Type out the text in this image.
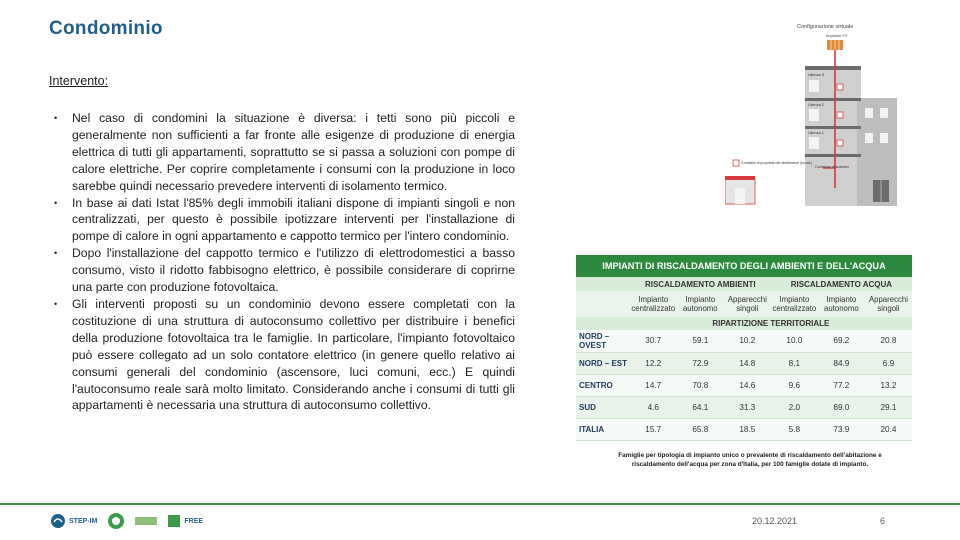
Condominio
Intervento:
• Nel caso di condomini la situazione è diversa: i tetti sono più piccoli e generalmente non sufficienti a far fronte alle esigenze di produzione di energia elettrica di tutti gli appartamenti, soprattutto se si passa a soluzioni con pompe di calore elettriche. Per coprire completamente i consumi con la produzione in loco sarebbe quindi necessario prevedere interventi di isolamento termico.
• In base ai dati Istat l'85% degli immobili italiani dispone di impianti singoli e non centralizzati, per questo è possibile ipotizzare interventi per l'installazione di pompe di calore in ogni appartamento e cappotto termico per l'intero condominio.
• Dopo l'installazione del cappotto termico e l'utilizzo di elettrodomestici a basso consumo, visto il ridotto fabbisogno elettrico, è possibile considerare di coprirne una parte con produzione fotovoltaica.
• Gli interventi proposti su un condominio devono essere completati con la costituzione di una struttura di autoconsumo collettivo per distribuire i benefici della produzione fotovoltaica tra le famiglie. In particolare, l'impianto fotovoltaico può essere collegato ad un solo contatore elettrico (in genere quello relativo ai consumi generali del condominio (ascensore, luci comuni, ecc.) E quindi l'autoconsumo reale sarà molto limitato. Considerando anche i consumi di tutti gli appartamenti è necessaria una struttura di autoconsumo collettivo.
Configurazione virtuale
Impianto FV
Utenza 3
Utenza 2
Utenza 1
Contatori di proprietà del distributore (locale)
Contatore di scambio
IMPIANTI DI RISCALDAMENTO DEGLI AMBIENTI E DELL'ACQUA						
	RISCALDAMENTO AMBIENTI			RISCALDAMENTO ACQUA		
	Impianto centralizzato	Impianto autonomo	Apparecchi singoli	Impianto centralizzato	Impianto autonomo	Apparecchi singoli
	RIPARTIZIONE TERRITORIALE					
NORD – OVEST	30.7	59.1	10.2	10.0	69.2	20.8
NORD – EST	12.2	72.9	14.8	8.1	84.9	6.9
CENTRO	14.7	70.8	14.6	9.6	77.2	13.2
SUD	4.6	64.1	31.3	2.0	69.0	29.1
ITALIA	15.7	65.8	18.5	5.8	73.9	20.4
Famiglie per tipologia di impianto unico o prevalente di riscaldamento dell'abitazione e riscaldamento dell'acqua per zona d'Italia, per 100 famiglie dotate di impianto.
STEP-IM	FREE	20.12.2021	6
